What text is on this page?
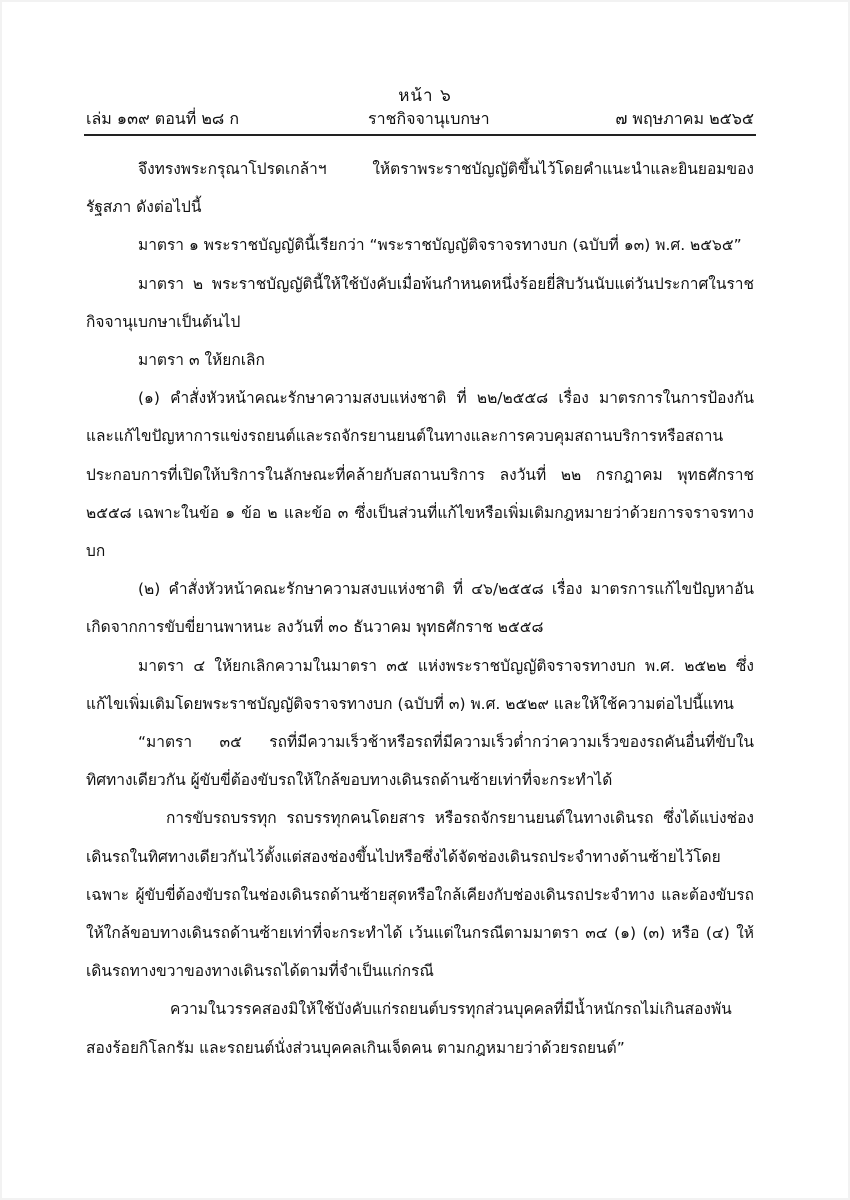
หน้า ๖
เล่ม ๑๓๙ ตอนที่ ๒๘ ก	ราชกิจจานุเบกษา	๗ พฤษภาคม ๒๕๖๕

จึงทรงพระกรุณาโปรดเกล้าฯ ให้ตราพระราชบัญญัติขึ้นไว้โดยคำแนะนำและยินยอมของรัฐสภา ดังต่อไปนี้

มาตรา ๑ พระราชบัญญัตินี้เรียกว่า “พระราชบัญญัติจราจรทางบก (ฉบับที่ ๑๓) พ.ศ. ๒๕๖๕”

มาตรา ๒ พระราชบัญญัตินี้ให้ใช้บังคับเมื่อพ้นกำหนดหนึ่งร้อยยี่สิบวันนับแต่วันประกาศในราชกิจจานุเบกษาเป็นต้นไป

มาตรา ๓ ให้ยกเลิก

(๑) คำสั่งหัวหน้าคณะรักษาความสงบแห่งชาติ ที่ ๒๒/๒๕๕๘ เรื่อง มาตรการในการป้องกันและแก้ไขปัญหาการแข่งรถยนต์และรถจักรยานยนต์ในทางและการควบคุมสถานบริการหรือสถานประกอบการที่เปิดให้บริการในลักษณะที่คล้ายกับสถานบริการ ลงวันที่ ๒๒ กรกฎาคม พุทธศักราช ๒๕๕๘ เฉพาะในข้อ ๑ ข้อ ๒ และข้อ ๓ ซึ่งเป็นส่วนที่แก้ไขหรือเพิ่มเติมกฎหมายว่าด้วยการจราจรทางบก

(๒) คำสั่งหัวหน้าคณะรักษาความสงบแห่งชาติ ที่ ๔๖/๒๕๕๘ เรื่อง มาตรการแก้ไขปัญหาอันเกิดจากการขับขี่ยานพาหนะ ลงวันที่ ๓๐ ธันวาคม พุทธศักราช ๒๕๕๘

มาตรา ๔ ให้ยกเลิกความในมาตรา ๓๕ แห่งพระราชบัญญัติจราจรทางบก พ.ศ. ๒๕๒๒ ซึ่งแก้ไขเพิ่มเติมโดยพระราชบัญญัติจราจรทางบก (ฉบับที่ ๓) พ.ศ. ๒๕๒๙ และให้ใช้ความต่อไปนี้แทน

“มาตรา ๓๕ รถที่มีความเร็วช้าหรือรถที่มีความเร็วต่ำกว่าความเร็วของรถคันอื่นที่ขับในทิศทางเดียวกัน ผู้ขับขี่ต้องขับรถให้ใกล้ขอบทางเดินรถด้านซ้ายเท่าที่จะกระทำได้

การขับรถบรรทุก รถบรรทุกคนโดยสาร หรือรถจักรยานยนต์ในทางเดินรถ ซึ่งได้แบ่งช่องเดินรถในทิศทางเดียวกันไว้ตั้งแต่สองช่องขึ้นไปหรือซึ่งได้จัดช่องเดินรถประจำทางด้านซ้ายไว้โดยเฉพาะ ผู้ขับขี่ต้องขับรถในช่องเดินรถด้านซ้ายสุดหรือใกล้เคียงกับช่องเดินรถประจำทาง และต้องขับรถให้ใกล้ขอบทางเดินรถด้านซ้ายเท่าที่จะกระทำได้ เว้นแต่ในกรณีตามมาตรา ๓๔ (๑) (๓) หรือ (๔) ให้เดินรถทางขวาของทางเดินรถได้ตามที่จำเป็นแก่กรณี

ความในวรรคสองมิให้ใช้บังคับแก่รถยนต์บรรทุกส่วนบุคคลที่มีน้ำหนักรถไม่เกินสองพันสองร้อยกิโลกรัม และรถยนต์นั่งส่วนบุคคลเกินเจ็ดคน ตามกฎหมายว่าด้วยรถยนต์”
